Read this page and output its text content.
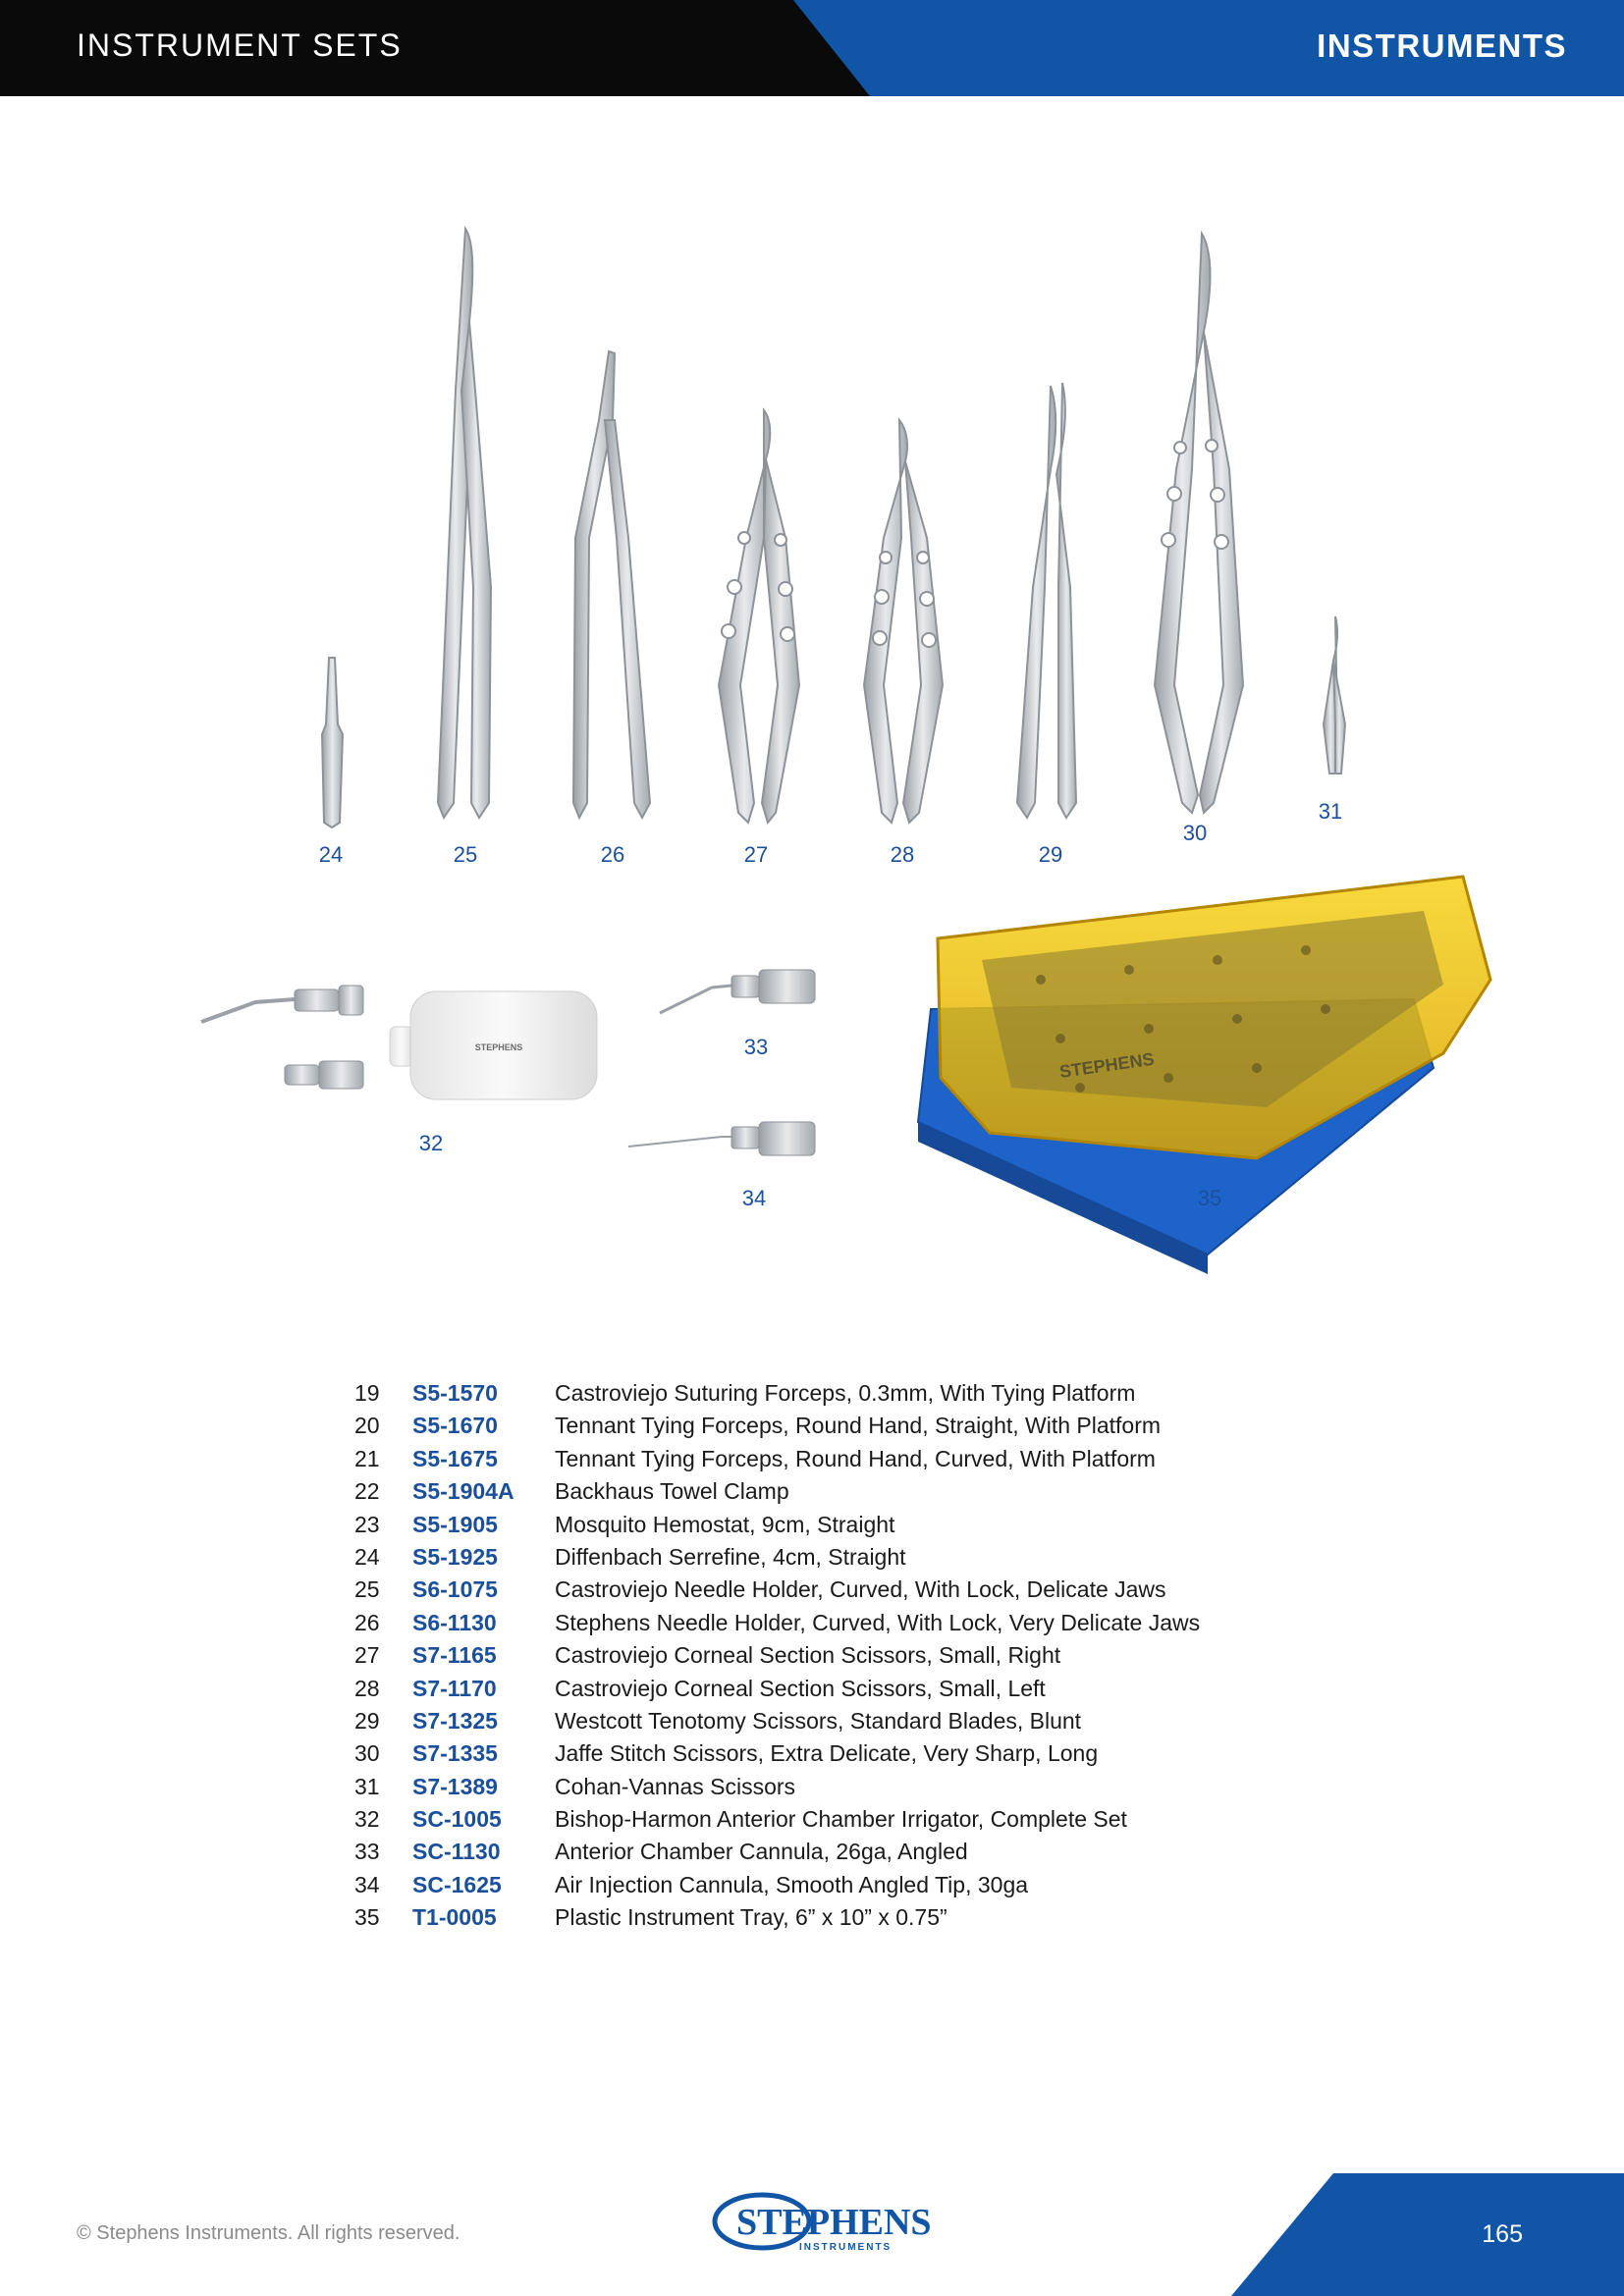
INSTRUMENT SETS	INSTRUMENTS
STEPHENS
STEPHENS
24	25	26	27	28	29
30
31
32
33
34	35
19 S5-1570	Castroviejo Suturing Forceps, 0.3mm, With Tying Platform
20 S5-1670	Tennant Tying Forceps, Round Hand, Straight, With Platform
21 S5-1675	Tennant Tying Forceps, Round Hand, Curved, With Platform
22 S5-1904A Backhaus Towel Clamp
23 S5-1905	Mosquito Hemostat, 9cm, Straight
24 S5-1925	Diffenbach Serrefine, 4cm, Straight
25 S6-1075	Castroviejo Needle Holder, Curved, With Lock, Delicate Jaws
26 S6-1130	Stephens Needle Holder, Curved, With Lock, Very Delicate Jaws
27 S7-1165	Castroviejo Corneal Section Scissors, Small, Right
28 S7-1170	Castroviejo Corneal Section Scissors, Small, Left
29 S7-1325	Westcott Tenotomy Scissors, Standard Blades, Blunt
30 S7-1335	Jaffe Stitch Scissors, Extra Delicate, Very Sharp, Long
31 S7-1389	Cohan-Vannas Scissors
32 SC-1005 Bishop-Harmon Anterior Chamber Irrigator, Complete Set
33 SC-1130 Anterior Chamber Cannula, 26ga, Angled
34 SC-1625 Air Injection Cannula, Smooth Angled Tip, 30ga
35 T1-0005	Plastic Instrument Tray, 6” x 10” x 0.75”
© Stephens Instruments. All rights reserved.	STEPHENS
INSTRUMENTS	165
